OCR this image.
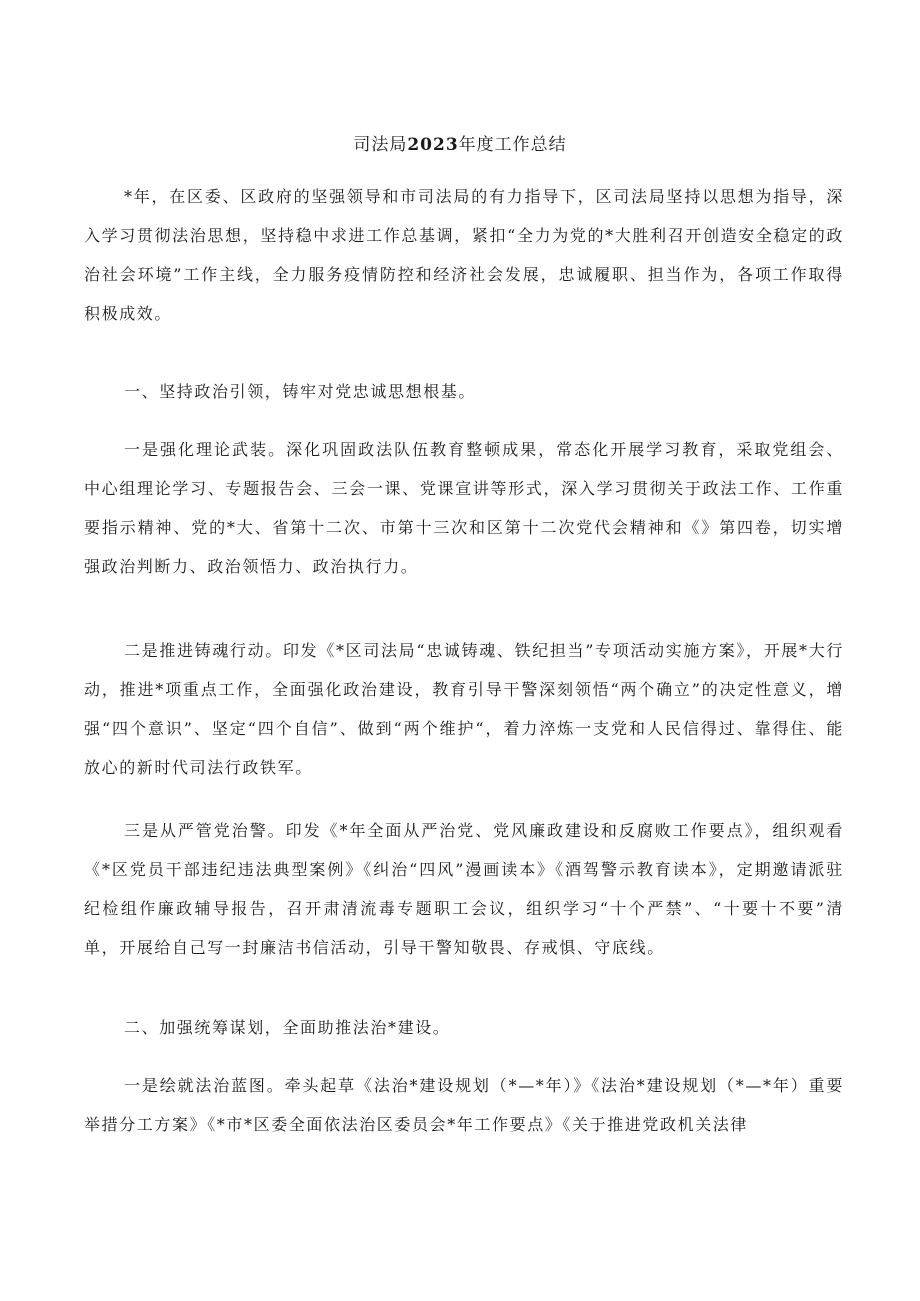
司法局2023年度工作总结

*年，在区委、区政府的坚强领导和市司法局的有力指导下，区司法局坚持以思想为指导，深入学习贯彻法治思想，坚持稳中求进工作总基调，紧扣“全力为党的*大胜利召开创造安全稳定的政治社会环境”工作主线，全力服务疫情防控和经济社会发展，忠诚履职、担当作为，各项工作取得积极成效。

一、坚持政治引领，铸牢对党忠诚思想根基。

一是强化理论武装。深化巩固政法队伍教育整顿成果，常态化开展学习教育，采取党组会、中心组理论学习、专题报告会、三会一课、党课宣讲等形式，深入学习贯彻关于政法工作、工作重要指示精神、党的*大、省第十二次、市第十三次和区第十二次党代会精神和《》第四卷，切实增强政治判断力、政治领悟力、政治执行力。

二是推进铸魂行动。印发《*区司法局“忠诚铸魂、铁纪担当”专项活动实施方案》，开展*大行动，推进*项重点工作，全面强化政治建设，教育引导干警深刻领悟“两个确立”的决定性意义，增强“四个意识”、坚定“四个自信”、做到“两个维护“，着力淬炼一支党和人民信得过、靠得住、能放心的新时代司法行政铁军。

三是从严管党治警。印发《*年全面从严治党、党风廉政建设和反腐败工作要点》，组织观看《*区党员干部违纪违法典型案例》《纠治“四风”漫画读本》《酒驾警示教育读本》，定期邀请派驻纪检组作廉政辅导报告，召开肃清流毒专题职工会议，组织学习“十个严禁”、“十要十不要”清单，开展给自己写一封廉洁书信活动，引导干警知敬畏、存戒惧、守底线。

二、加强统筹谋划，全面助推法治*建设。

一是绘就法治蓝图。牵头起草《法治*建设规划（*—*年）》《法治*建设规划（*—*年）重要举措分工方案》《*市*区委全面依法治区委员会*年工作要点》《关于推进党政机关法律
